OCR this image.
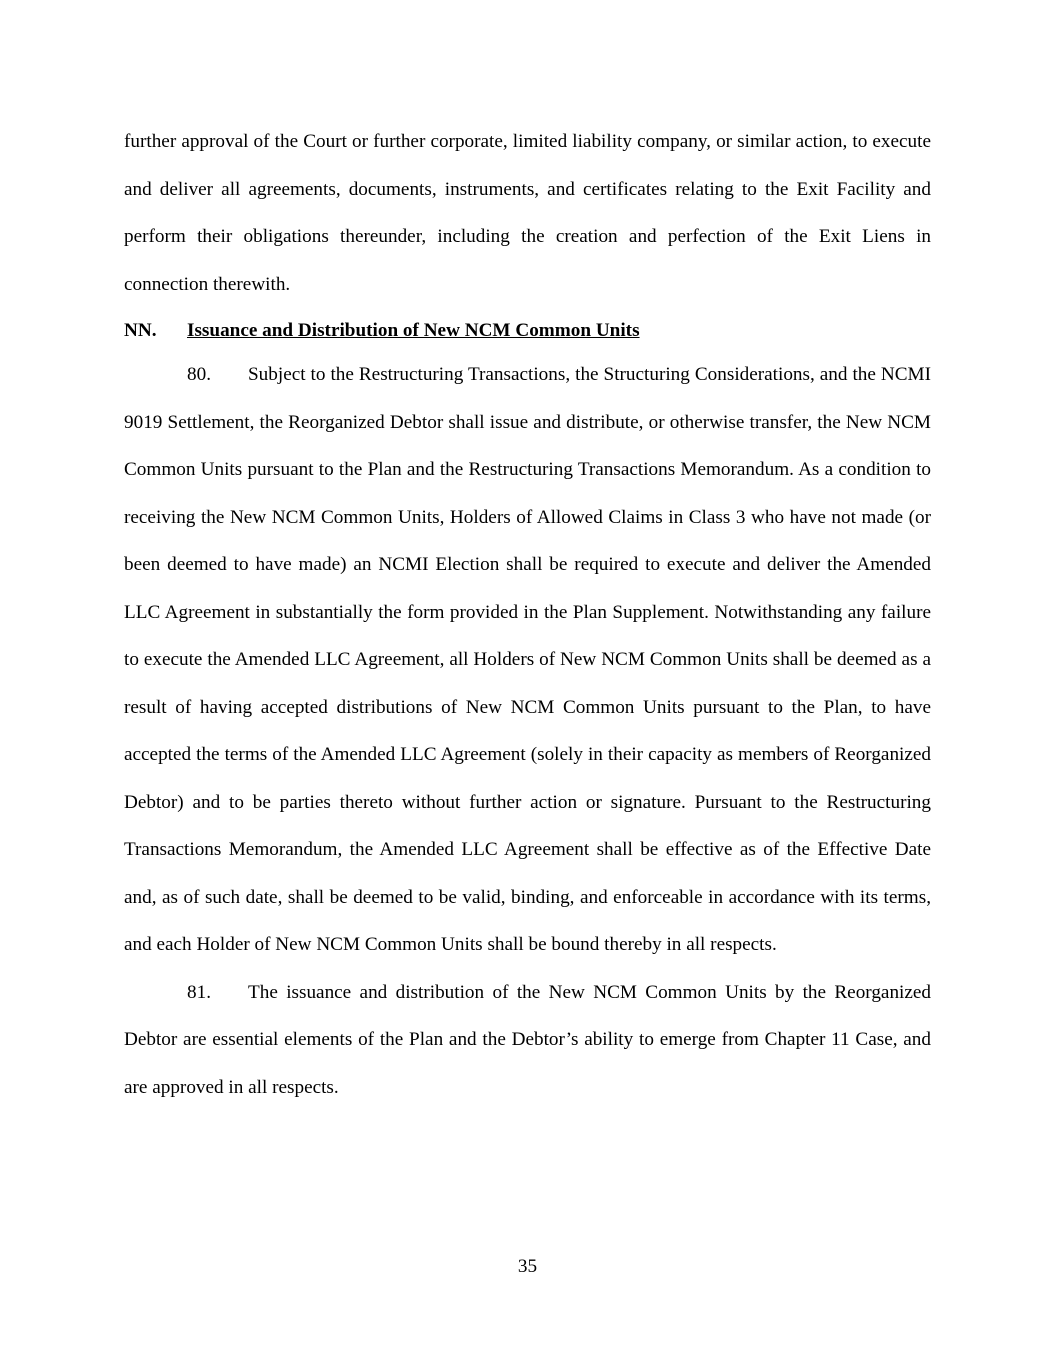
further approval of the Court or further corporate, limited liability company, or similar action, to execute and deliver all agreements, documents, instruments, and certificates relating to the Exit Facility and perform their obligations thereunder, including the creation and perfection of the Exit Liens in connection therewith.

NN.	Issuance and Distribution of New NCM Common Units

80. Subject to the Restructuring Transactions, the Structuring Considerations, and the NCMI 9019 Settlement, the Reorganized Debtor shall issue and distribute, or otherwise transfer, the New NCM Common Units pursuant to the Plan and the Restructuring Transactions Memorandum. As a condition to receiving the New NCM Common Units, Holders of Allowed Claims in Class 3 who have not made (or been deemed to have made) an NCMI Election shall be required to execute and deliver the Amended LLC Agreement in substantially the form provided in the Plan Supplement. Notwithstanding any failure to execute the Amended LLC Agreement, all Holders of New NCM Common Units shall be deemed as a result of having accepted distributions of New NCM Common Units pursuant to the Plan, to have accepted the terms of the Amended LLC Agreement (solely in their capacity as members of Reorganized Debtor) and to be parties thereto without further action or signature. Pursuant to the Restructuring Transactions Memorandum, the Amended LLC Agreement shall be effective as of the Effective Date and, as of such date, shall be deemed to be valid, binding, and enforceable in accordance with its terms, and each Holder of New NCM Common Units shall be bound thereby in all respects.

81. The issuance and distribution of the New NCM Common Units by the Reorganized Debtor are essential elements of the Plan and the Debtor’s ability to emerge from Chapter 11 Case, and are approved in all respects.

35
